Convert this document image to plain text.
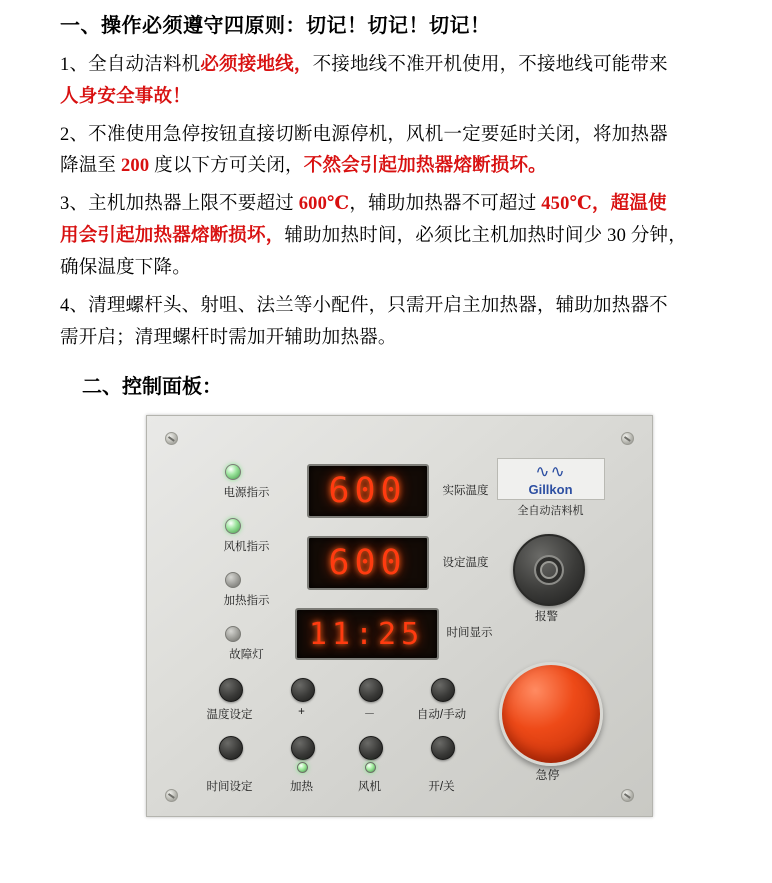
一、操作必须遵守四原则：切记！切记！切记！

1、全自动洁料机必须接地线，不接地线不准开机使用，不接地线可能带来
人身安全事故！

2、不准使用急停按钮直接切断电源停机，风机一定要延时关闭，将加热器
降温至 200 度以下方可关闭，不然会引起加热器熔断损坏。

3、主机加热器上限不要超过 600℃，辅助加热器不可超过 450℃，超温使
用会引起加热器熔断损坏，辅助加热时间，必须比主机加热时间少 30 分钟，
确保温度下降。

4、清理螺杆头、射咀、法兰等小配件，只需开启主加热器，辅助加热器不
需开启；清理螺杆时需加开辅助加热器。

二、控制面板：
电源指示
风机指示
加热指示
故障灯
600	实际温度
600	设定温度
11:25	时间显示
∿∿
Gillkon
全自动洁料机
报警
急停
温度设定	+	－	自动/手动
时间设定	加热	风机	开/关
